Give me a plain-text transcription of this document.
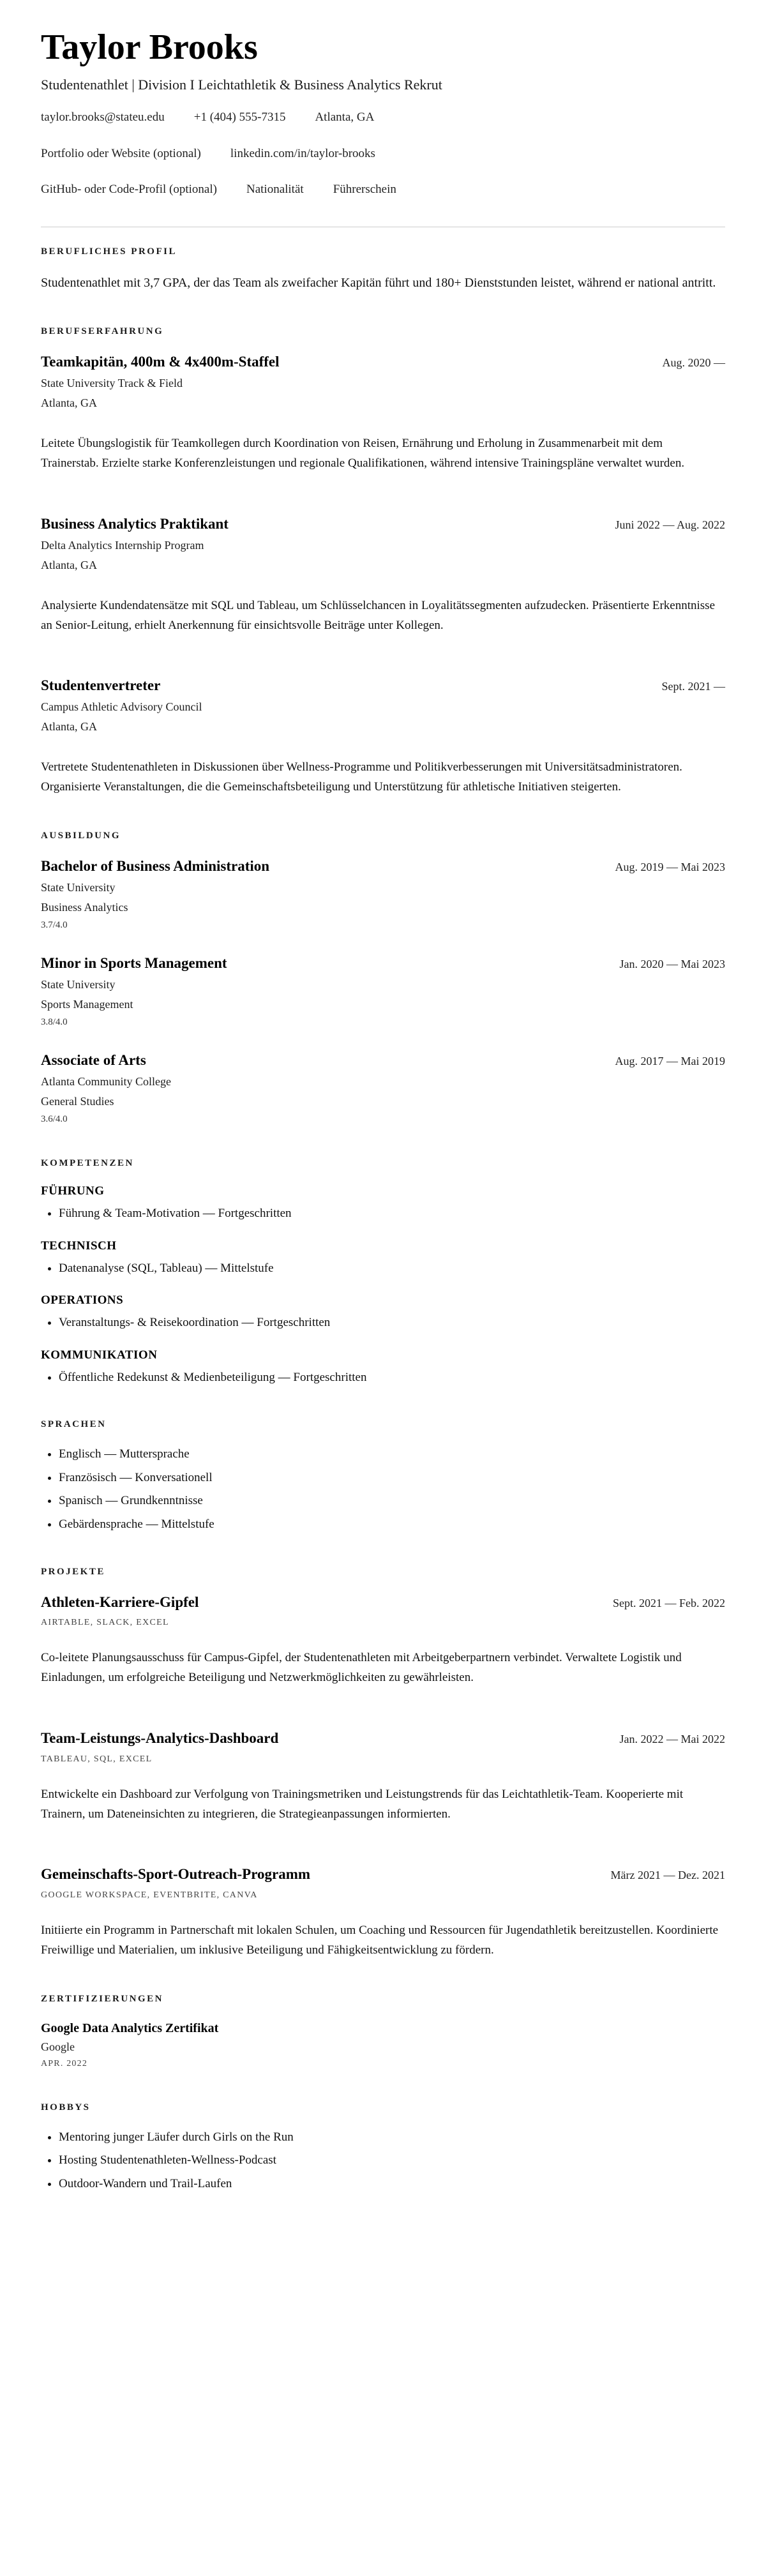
Taylor Brooks

Studentenathlet | Division I Leichtathletik & Business Analytics Rekrut

taylor.brooks@stateu.edu +1 (404) 555-7315 Atlanta, GA
Portfolio oder Website (optional) linkedin.com/in/taylor-brooks
GitHub- oder Code-Profil (optional) Nationalität Führerschein
BERUFLICHES PROFIL

Studentenathlet mit 3,7 GPA, der das Team als zweifacher Kapitän führt und 180+ Dienststunden leistet, während er national antritt.

BERUFSERFAHRUNG
Teamkapitän, 400m & 4x400m-Staffel	Aug. 2020 —
State University Track & Field
Atlanta, GA

Leitete Übungslogistik für Teamkollegen durch Koordination von Reisen, Ernährung und Erholung in Zusammenarbeit mit dem Trainerstab. Erzielte starke Konferenzleistungen und regionale Qualifikationen, während intensive Trainingspläne verwaltet wurden.

Business Analytics Praktikant	Juni 2022 — Aug. 2022
Delta Analytics Internship Program
Atlanta, GA

Analysierte Kundendatensätze mit SQL und Tableau, um Schlüsselchancen in Loyalitätssegmenten aufzudecken. Präsentierte Erkenntnisse an Senior-Leitung, erhielt Anerkennung für einsichtsvolle Beiträge unter Kollegen.

Studentenvertreter	Sept. 2021 —
Campus Athletic Advisory Council
Atlanta, GA

Vertretete Studentenathleten in Diskussionen über Wellness-Programme und Politikverbesserungen mit Universitätsadministratoren. Organisierte Veranstaltungen, die die Gemeinschaftsbeteiligung und Unterstützung für athletische Initiativen steigerten.

AUSBILDUNG
Bachelor of Business Administration	Aug. 2019 — Mai 2023
State University
Business Analytics
3.7/4.0
Minor in Sports Management	Jan. 2020 — Mai 2023
State University
Sports Management
3.8/4.0
Associate of Arts	Aug. 2017 — Mai 2019
Atlanta Community College
General Studies
3.6/4.0
KOMPETENZEN
FÜHRUNG
• Führung & Team-Motivation — Fortgeschritten
TECHNISCH
• Datenanalyse (SQL, Tableau) — Mittelstufe
OPERATIONS
• Veranstaltungs- & Reisekoordination — Fortgeschritten
KOMMUNIKATION
• Öffentliche Redekunst & Medienbeteiligung — Fortgeschritten
SPRACHEN
• Englisch — Muttersprache
• Französisch — Konversationell
• Spanisch — Grundkenntnisse
• Gebärdensprache — Mittelstufe
PROJEKTE
Athleten-Karriere-Gipfel	Sept. 2021 — Feb. 2022
AIRTABLE, SLACK, EXCEL

Co-leitete Planungsausschuss für Campus-Gipfel, der Studentenathleten mit Arbeitgeberpartnern verbindet. Verwaltete Logistik und Einladungen, um erfolgreiche Beteiligung und Netzwerkmöglichkeiten zu gewährleisten.

Team-Leistungs-Analytics-Dashboard	Jan. 2022 — Mai 2022
TABLEAU, SQL, EXCEL

Entwickelte ein Dashboard zur Verfolgung von Trainingsmetriken und Leistungstrends für das Leichtathletik-Team. Kooperierte mit Trainern, um Dateneinsichten zu integrieren, die Strategieanpassungen informierten.

Gemeinschafts-Sport-Outreach-Programm	März 2021 — Dez. 2021
GOOGLE WORKSPACE, EVENTBRITE, CANVA

Initiierte ein Programm in Partnerschaft mit lokalen Schulen, um Coaching und Ressourcen für Jugendathletik bereitzustellen. Koordinierte Freiwillige und Materialien, um inklusive Beteiligung und Fähigkeitsentwicklung zu fördern.

ZERTIFIZIERUNGEN
Google Data Analytics Zertifikat
Google
APR. 2022
HOBBYS
• Mentoring junger Läufer durch Girls on the Run
• Hosting Studentenathleten-Wellness-Podcast
• Outdoor-Wandern und Trail-Laufen
